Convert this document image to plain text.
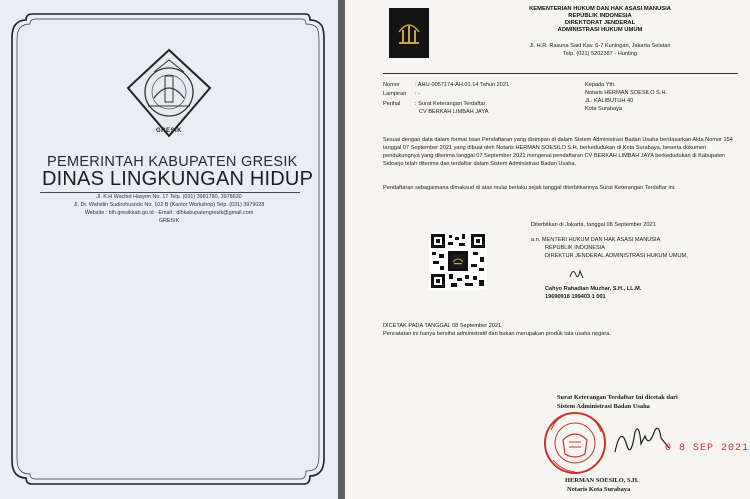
GRESIK
PEMERINTAH KABUPATEN GRESIK
DINAS LINGKUNGAN HIDUP
Jl. K.H Wachid Hasyim No. 17 Telp. (031) 3981780, 3978630
Jl. Dr. Wahidin Sudirohusodo No. 102 B (Kantor Workshop) Telp. (031) 3979028
Website : blh.gresikkab.go.id - Email : dlhkabupatengresik@gmail.com
GRESIK
KEMENTERIAN HUKUM DAN HAK ASASI MANUSIA
REPUBLIK INDONESIA
DIREKTORAT JENDERAL
ADMINISTRASI HUKUM UMUM
Jl. H.R. Rasuna Said Kav. 6-7 Kuningan, Jakarta Selatan
Telp. (021) 5202387 - Hunting
Nomor	: AHU-0057174-AH.01.14 Tahun 2021
Lampiran : -
Perihal	: Surat Keterangan Terdaftar
CV BERKAH LIMBAH JAYA
Kepada Yth.
Notaris HERMAN SOESILO S.H.
JL. KALIBUTUH 40
Kota Surabaya
Sesuai dengan data dalam format Isian Pendaftaran yang disimpan di dalam Sistem Administrasi Badan Usaha berdasarkan Akta Nomor 154 tanggal 07 September 2021 yang dibuat oleh Notaris HERMAN SOESILO S.H. berkedudukan di Kota Surabaya, beserta dokumen pendukungnya yang diterima tanggal 07 September 2021 mengenai pendaftaran CV BERKAH LIMBAH JAYA berkedudukan di Kabupaten Sidoarjo telah diterima dan terdaftar dalam Sistem Administrasi Badan Usaha.
Pendaftaran sebagaimana dimaksud di atas mulai berlaku sejak tanggal diterbitkannya Surat Keterangan Terdaftar ini.
Diterbitkan di Jakarta, tanggal 08 September 2021
a.n. MENTERI HUKUM DAN HAK ASASI MANUSIA
REPUBLIK INDONESIA
DIREKTUR JENDERAL ADMINISTRASI HUKUM UMUM,
Cahyo Rahadian Muzhar, S.H., LL.M.
19690918 199403 1 001
DICETAK PADA TANGGAL 08 September 2021
Pencatatan ini hanya bersifat administratif dan bukan merupakan produk tata usaha negara.
Surat Keterangan Terdaftar Ini dicetak dari
Sistem Administrasi Badan Usaha
0 8 SEP 2021
HERMAN SOESILO, S.H.
Notaris Kota Surabaya
